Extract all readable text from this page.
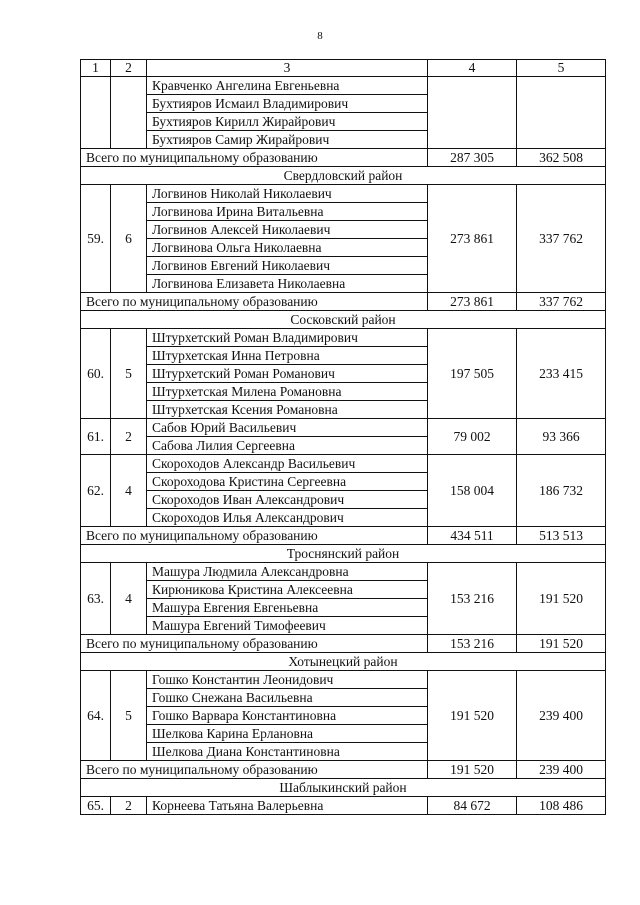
8
1	2	3	4	5
		Кравченко Ангелина Евгеньевна		
		Бухтияров Исмаил Владимирович		
		Бухтияров Кирилл Жирайрович		
		Бухтияров Самир Жирайрович		
Всего по муниципальному образованию			287 305	362 508
Свердловский район				
59.	6	Логвинов Николай Николаевич	273 861	337 762
		Логвинова Ирина Витальевна		
		Логвинов Алексей Николаевич		
		Логвинова Ольга Николаевна		
		Логвинов Евгений Николаевич		
		Логвинова Елизавета Николаевна		
Всего по муниципальному образованию			273 861	337 762
Сосковский район				
60.	5	Штурхетский Роман Владимирович	197 505	233 415
		Штурхетская Инна Петровна		
		Штурхетский Роман Романович		
		Штурхетская Милена Романовна		
		Штурхетская Ксения Романовна		
61.	2	Сабов Юрий Васильевич	79 002	93 366
		Сабова Лилия Сергеевна		
62.	4	Скороходов Александр Васильевич	158 004	186 732
		Скороходова Кристина Сергеевна		
		Скороходов Иван Александрович		
		Скороходов Илья Александрович		
Всего по муниципальному образованию			434 511	513 513
Троснянский район				
63.	4	Машура Людмила Александровна	153 216	191 520
		Кирюникова Кристина Алексеевна		
		Машура Евгения Евгеньевна		
		Машура Евгений Тимофеевич		
Всего по муниципальному образованию			153 216	191 520
Хотынецкий район				
64.	5	Гошко Константин Леонидович	191 520	239 400
		Гошко Снежана Васильевна		
		Гошко Варвара Константиновна		
		Шелкова Карина Ерлановна		
		Шелкова Диана Константиновна		
Всего по муниципальному образованию			191 520	239 400
Шаблыкинский район				
65.	2	Корнеева Татьяна Валерьевна	84 672	108 486
